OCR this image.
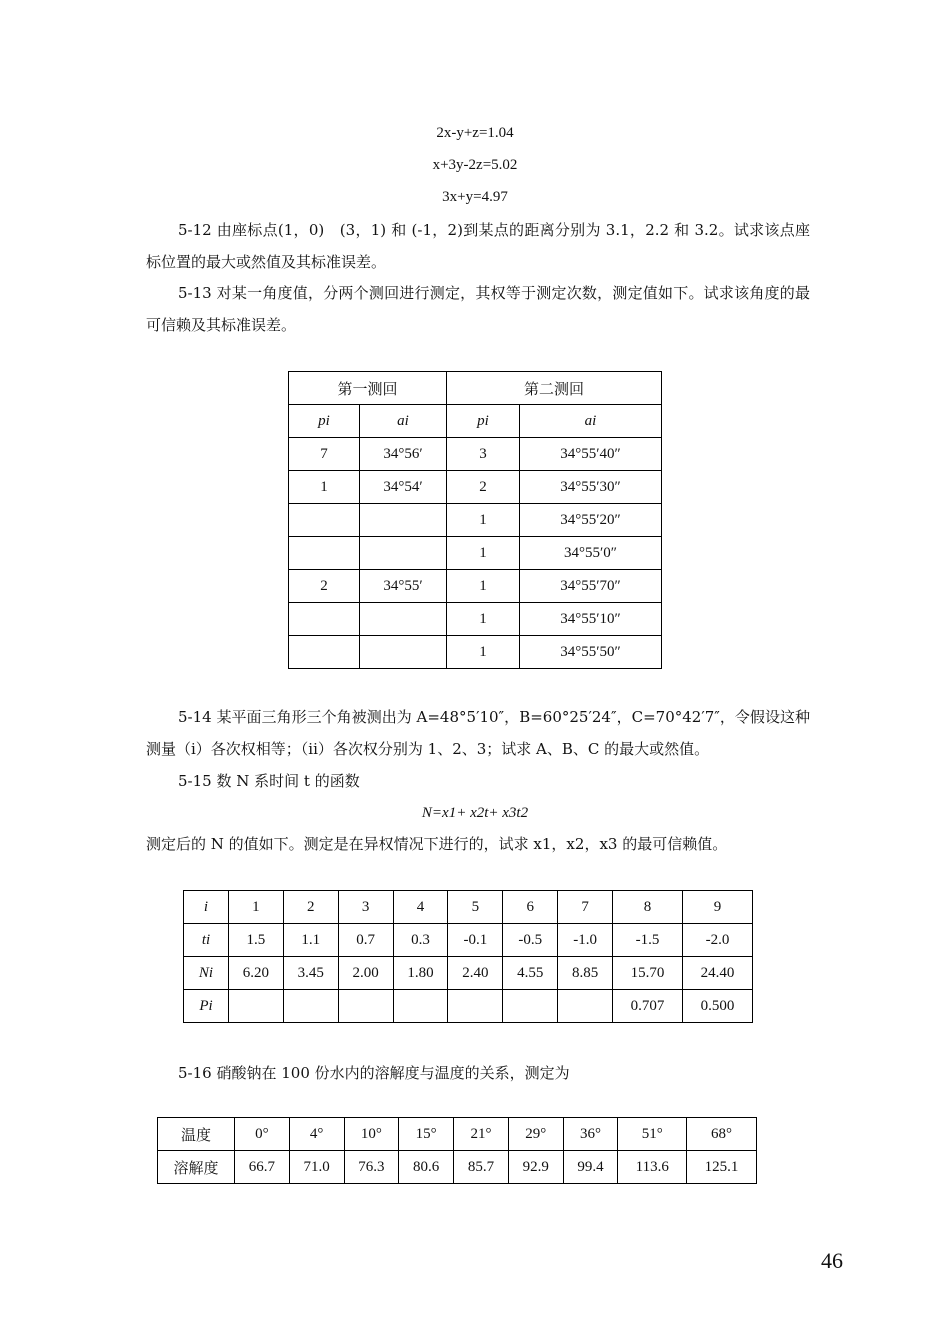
2x-y+z=1.04
x+3y-2z=5.02
3x+y=4.97
5-12 由座标点(1，0)　(3，1) 和 (-1，2)到某点的距离分别为 3.1，2.2 和 3.2。试求该点座标位置的最大或然值及其标准误差。
5-13 对某一角度值，分两个测回进行测定，其权等于测定次数，测定值如下。试求该角度的最可信赖及其标准误差。
第一测回		第二测回	
pi	ai	pi	ai
7	34°56′	3	34°55′40″
1	34°54′	2	34°55′30″
		1	34°55′20″
		1	34°55′0″
2	34°55′	1	34°55′70″
		1	34°55′10″
		1	34°55′50″
5-14 某平面三角形三个角被测出为 A=48°5′10″，B=60°25′24″，C=70°42′7″，令假设这种测量（i）各次权相等；（ii）各次权分别为 1、2、3；试求 A、B、C 的最大或然值。
5-15 数 N 系时间 t 的函数
N=x1+ x2t+ x3t2
测定后的 N 的值如下。测定是在异权情况下进行的，试求 x1，x2，x3 的最可信赖值。
i	1	2	3	4	5	6	7	8	9
ti	1.5	1.1	0.7	0.3	-0.1	-0.5	-1.0	-1.5	-2.0
Ni	6.20	3.45	2.00	1.80	2.40	4.55	8.85	15.70	24.40
Pi								0.707	0.500
5-16 硝酸钠在 100 份水内的溶解度与温度的关系，测定为
温度	0°	4°	10°	15°	21°	29°	36°	51°	68°
溶解度	66.7	71.0	76.3	80.6	85.7	92.9	99.4	113.6	125.1
46
